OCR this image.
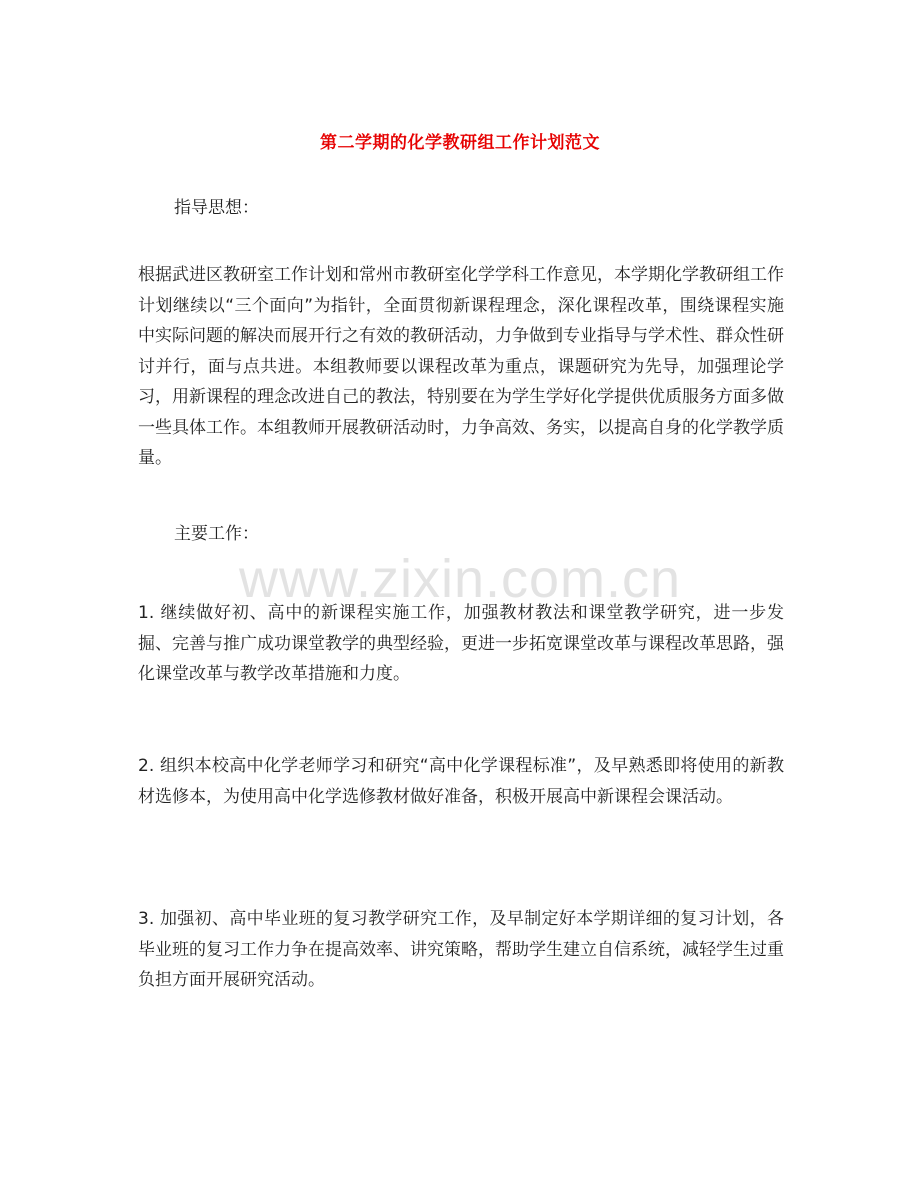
第二学期的化学教研组工作计划范文
指导思想：
根据武进区教研室工作计划和常州市教研室化学学科工作意见，本学期化学教研组工作计划继续以“三个面向”为指针，全面贯彻新课程理念，深化课程改革，围绕课程实施中实际问题的解决而展开行之有效的教研活动，力争做到专业指导与学术性、群众性研讨并行，面与点共进。本组教师要以课程改革为重点，课题研究为先导，加强理论学习，用新课程的理念改进自己的教法，特别要在为学生学好化学提供优质服务方面多做一些具体工作。本组教师开展教研活动时，力争高效、务实，以提高自身的化学教学质量。
主要工作：
www.zixin.com.cn
1. 继续做好初、高中的新课程实施工作，加强教材教法和课堂教学研究，进一步发掘、完善与推广成功课堂教学的典型经验，更进一步拓宽课堂改革与课程改革思路，强化课堂改革与教学改革措施和力度。
2. 组织本校高中化学老师学习和研究“高中化学课程标准”，及早熟悉即将使用的新教材选修本，为使用高中化学选修教材做好准备，积极开展高中新课程会课活动。
3. 加强初、高中毕业班的复习教学研究工作，及早制定好本学期详细的复习计划，各毕业班的复习工作力争在提高效率、讲究策略，帮助学生建立自信系统，减轻学生过重负担方面开展研究活动。
